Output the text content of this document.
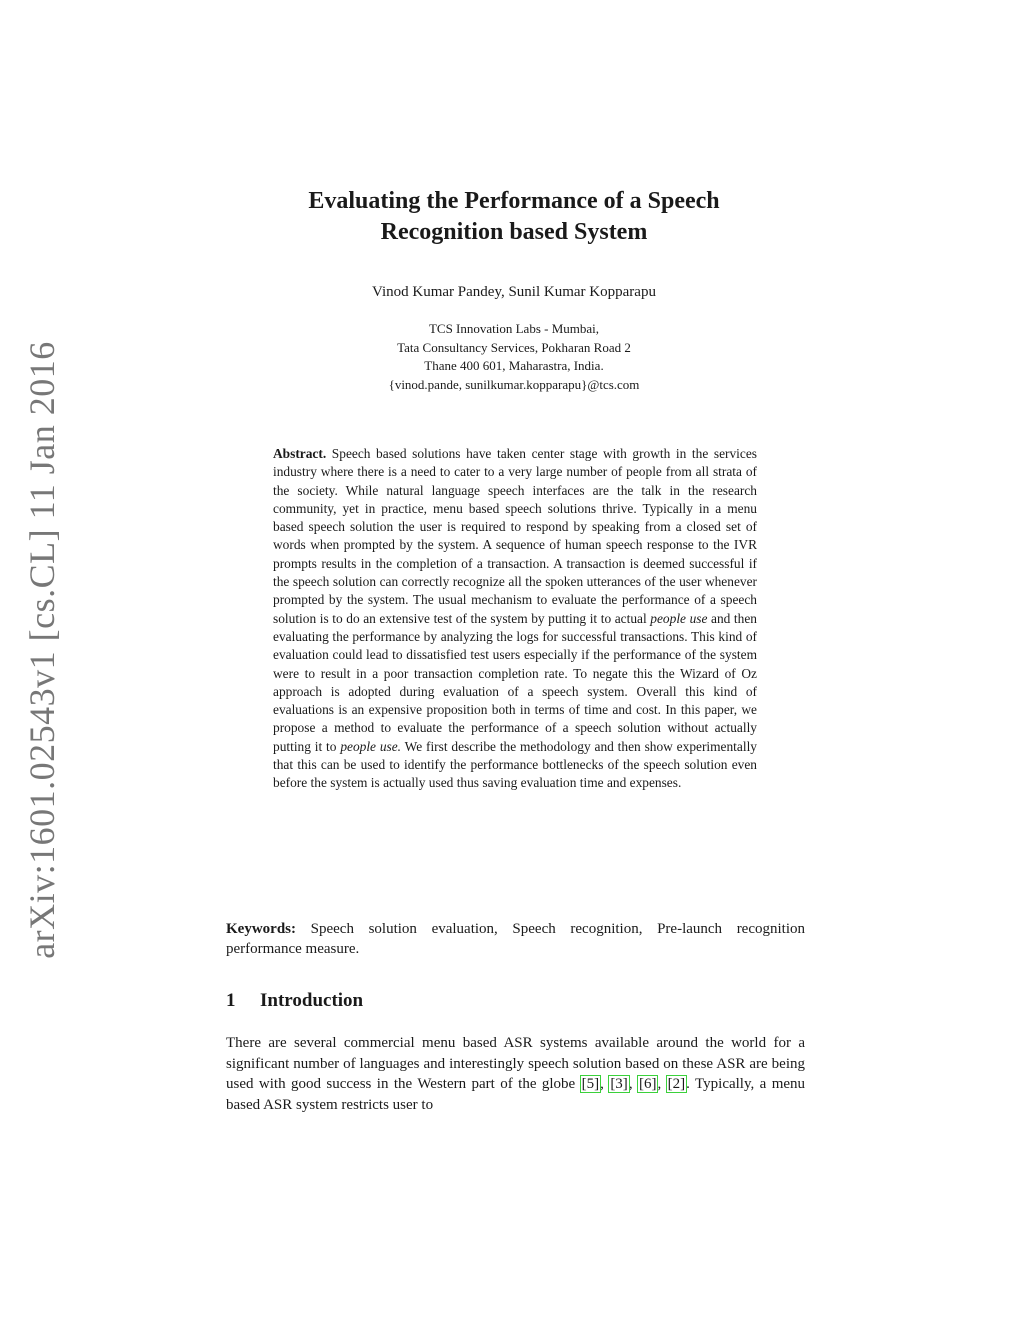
arXiv:1601.02543v1 [cs.CL] 11 Jan 2016
Evaluating the Performance of a Speech
Recognition based System
Vinod Kumar Pandey, Sunil Kumar Kopparapu
TCS Innovation Labs - Mumbai,
Tata Consultancy Services, Pokharan Road 2
Thane 400 601, Maharastra, India.
{vinod.pande, sunilkumar.kopparapu}@tcs.com
Abstract. Speech based solutions have taken center stage with growth in the services industry where there is a need to cater to a very large number of people from all strata of the society. While natural language speech interfaces are the talk in the research community, yet in practice, menu based speech solutions thrive. Typically in a menu based speech solution the user is required to respond by speaking from a closed set of words when prompted by the system. A sequence of human speech response to the IVR prompts results in the completion of a transaction. A transaction is deemed successful if the speech solution can correctly recognize all the spoken utterances of the user whenever prompted by the system. The usual mechanism to evaluate the performance of a speech solution is to do an extensive test of the system by putting it to actual people use and then evaluating the performance by analyzing the logs for successful transactions. This kind of evaluation could lead to dissatisfied test users especially if the performance of the system were to result in a poor transaction completion rate. To negate this the Wizard of Oz approach is adopted during evaluation of a speech system. Overall this kind of evaluations is an expensive proposition both in terms of time and cost. In this paper, we propose a method to evaluate the performance of a speech solution without actually putting it to people use. We first describe the methodology and then show experimentally that this can be used to identify the performance bottlenecks of the speech solution even before the system is actually used thus saving evaluation time and expenses.
Keywords: Speech solution evaluation, Speech recognition, Pre-launch recognition performance measure.
1 Introduction
There are several commercial menu based ASR systems available around the world for a significant number of languages and interestingly speech solution based on these ASR are being used with good success in the Western part of the globe [5], [3], [6], [2]. Typically, a menu based ASR system restricts user to
